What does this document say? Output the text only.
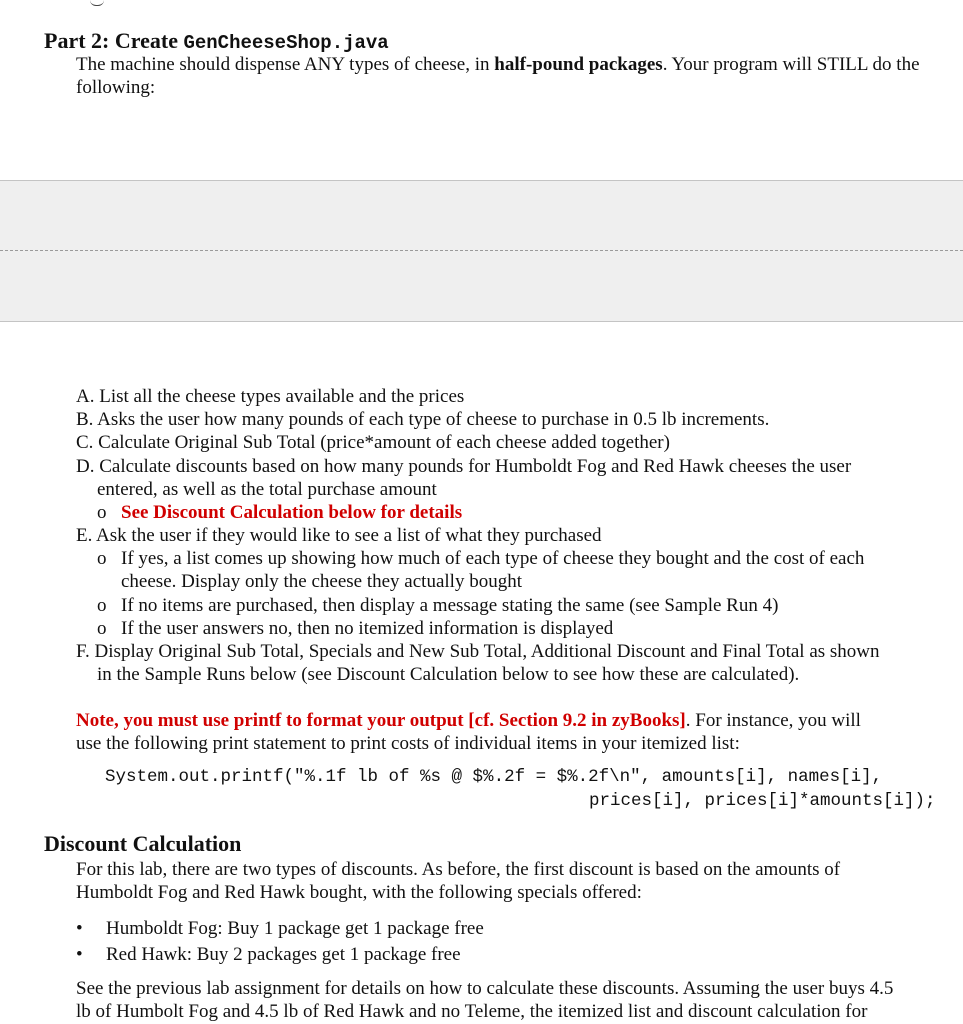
Part 2: Create GenCheeseShop.java
The machine should dispense ANY types of cheese, in half-pound packages. Your program will STILL do the following:
A. List all the cheese types available and the prices
B. Asks the user how many pounds of each type of cheese to purchase in 0.5 lb increments.
C. Calculate Original Sub Total (price*amount of each cheese added together)
D. Calculate discounts based on how many pounds for Humboldt Fog and Red Hawk cheeses the user
entered, as well as the total purchase amount
o See Discount Calculation below for details
E. Ask the user if they would like to see a list of what they purchased
o If yes, a list comes up showing how much of each type of cheese they bought and the cost of each
cheese. Display only the cheese they actually bought
o If no items are purchased, then display a message stating the same (see Sample Run 4)
o If the user answers no, then no itemized information is displayed
F. Display Original Sub Total, Specials and New Sub Total, Additional Discount and Final Total as shown
in the Sample Runs below (see Discount Calculation below to see how these are calculated).
Note, you must use printf to format your output [cf. Section 9.2 in zyBooks]. For instance, you will
use the following print statement to print costs of individual items in your itemized list:
System.out.printf("%.1f lb of %s @ $%.2f = $%.2f\n", amounts[i], names[i],
prices[i], prices[i]*amounts[i]);
Discount Calculation
For this lab, there are two types of discounts. As before, the first discount is based on the amounts of
Humboldt Fog and Red Hawk bought, with the following specials offered:
• Humboldt Fog: Buy 1 package get 1 package free
• Red Hawk: Buy 2 packages get 1 package free
See the previous lab assignment for details on how to calculate these discounts. Assuming the user buys 4.5
lb of Humbolt Fog and 4.5 lb of Red Hawk and no Teleme, the itemized list and discount calculation for
